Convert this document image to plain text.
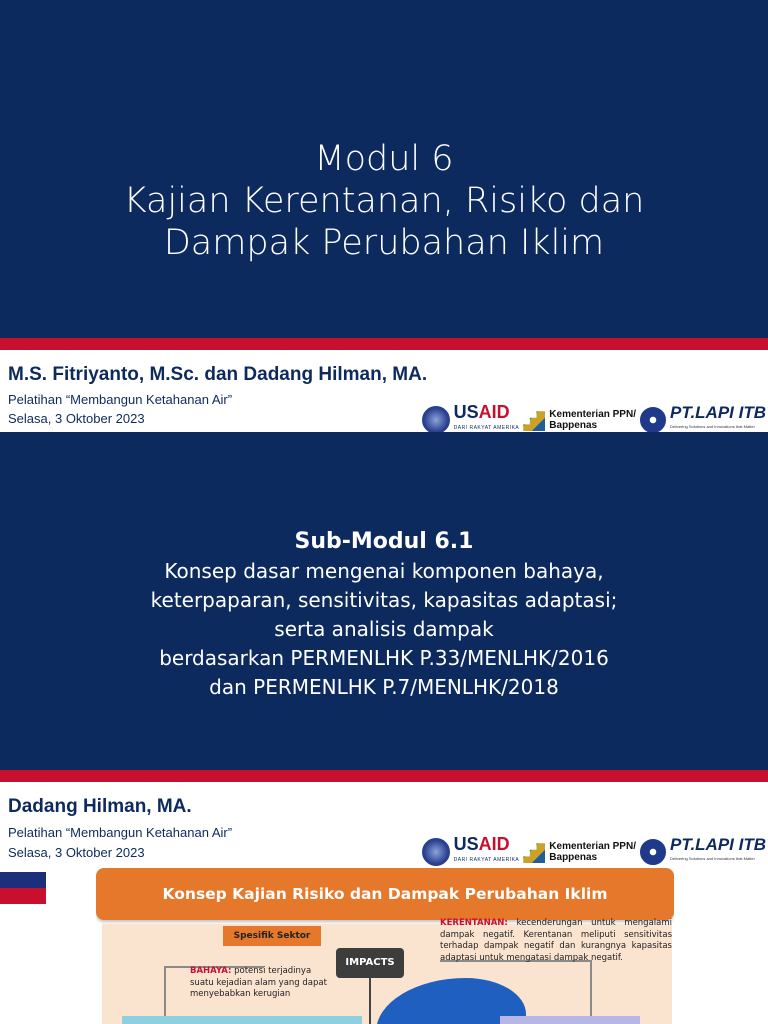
Modul 6
Kajian Kerentanan, Risiko dan
Dampak Perubahan Iklim
M.S. Fitriyanto, M.Sc. dan Dadang Hilman, MA.
Pelatihan “Membangun Ketahanan Air”
Selasa, 3 Oktober 2023	USAID
DARI RAKYAT AMERIKA
Kementerian PPN/
Bappenas
PT.LAPI ITB
Delivering Solutions and Innovations that Matter
Sub-Modul 6.1
Konsep dasar mengenai komponen bahaya,
keterpaparan, sensitivitas, kapasitas adaptasi;
serta analisis dampak
berdasarkan PERMENLHK P.33/MENLHK/2016
dan PERMENLHK P.7/MENLHK/2018
Dadang Hilman, MA.
Pelatihan “Membangun Ketahanan Air”
Selasa, 3 Oktober 2023	USAID
DARI RAKYAT AMERIKA
Kementerian PPN/
Bappenas
PT.LAPI ITB
Delivering Solutions and Innovations that Matter
Konsep Kajian Risiko dan Dampak Perubahan Iklim
Spesifik Sektor
IMPACTS
BAHAYA: potensi terjadinya suatu kejadian alam yang dapat menyebabkan kerugian
KERENTANAN: kecenderungan untuk mengalami dampak negatif. Kerentanan meliputi sensitivitas terhadap dampak negatif dan kurangnya kapasitas adaptasi untuk mengatasi dampak negatif.
